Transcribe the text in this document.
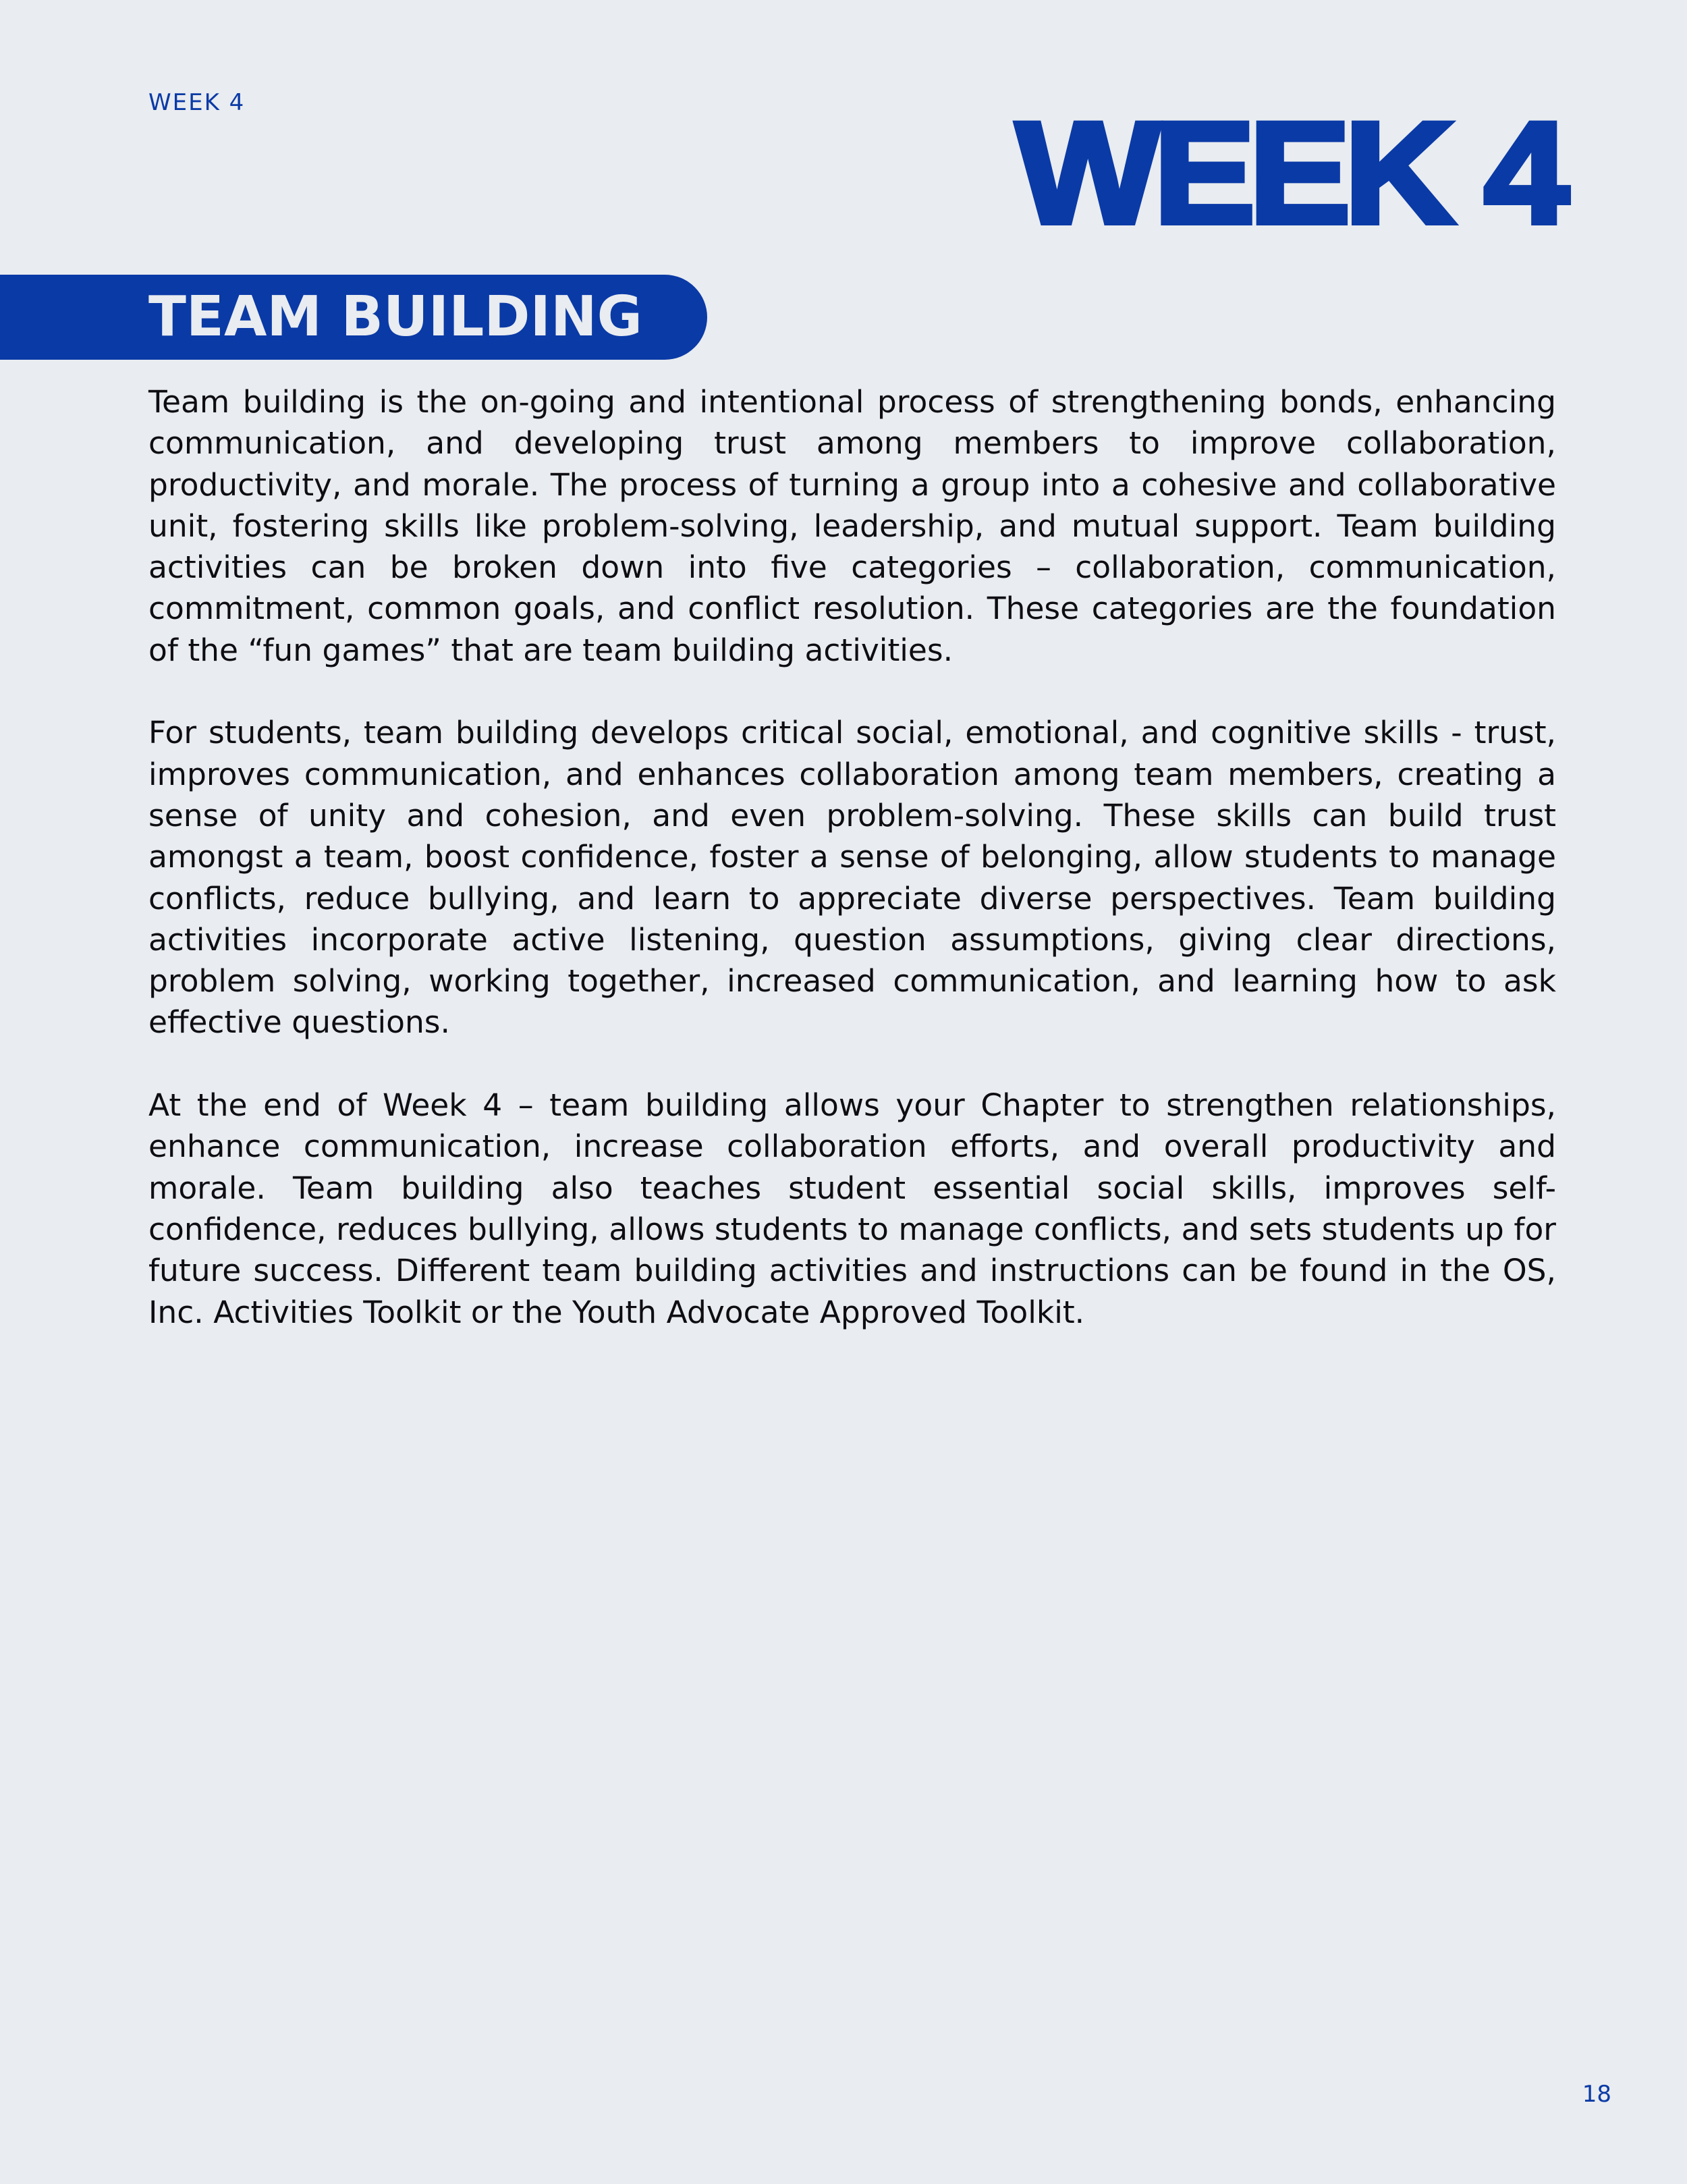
WEEK 4	WEEK 4
TEAM BUILDING

Team building is the on-going and intentional process of strengthening bonds, enhancing communication, and developing trust among members to improve collaboration, productivity, and morale. The process of turning a group into a cohesive and collaborative unit, fostering skills like problem-solving, leadership, and mutual support. Team building activities can be broken down into five categories – collaboration, communication, commitment, common goals, and conflict resolution. These categories are the foundation of the “fun games” that are team building activities.

For students, team building develops critical social, emotional, and cognitive skills - trust, improves communication, and enhances collaboration among team members, creating a sense of unity and cohesion, and even problem-solving. These skills can build trust amongst a team, boost confidence, foster a sense of belonging, allow students to manage conflicts, reduce bullying, and learn to appreciate diverse perspectives. Team building activities incorporate active listening, question assumptions, giving clear directions, problem solving, working together, increased communication, and learning how to ask effective questions.

At the end of Week 4 – team building allows your Chapter to strengthen relationships, enhance communication, increase collaboration efforts, and overall productivity and morale. Team building also teaches student essential social skills, improves self-confidence, reduces bullying, allows students to manage conflicts, and sets students up for future success. Different team building activities and instructions can be found in the OS, Inc. Activities Toolkit or the Youth Advocate Approved Toolkit.

18
